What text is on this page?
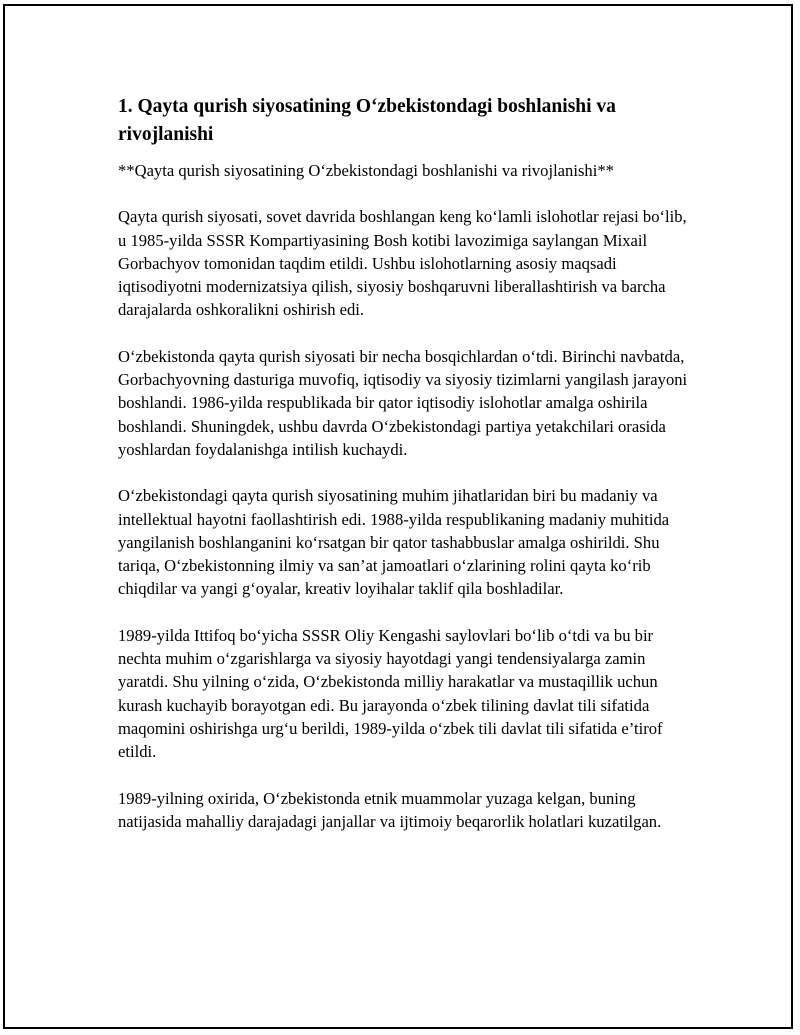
1. Qayta qurish siyosatining O‘zbekistondagi boshlanishi va rivojlanishi

**Qayta qurish siyosatining O‘zbekistondagi boshlanishi va rivojlanishi**

Qayta qurish siyosati, sovet davrida boshlangan keng ko‘lamli islohotlar rejasi bo‘lib, u 1985-yilda SSSR Kompartiyasining Bosh kotibi lavozimiga saylangan Mixail Gorbachyov tomonidan taqdim etildi. Ushbu islohotlarning asosiy maqsadi iqtisodiyotni modernizatsiya qilish, siyosiy boshqaruvni liberallashtirish va barcha darajalarda oshkoralikni oshirish edi.

O‘zbekistonda qayta qurish siyosati bir necha bosqichlardan o‘tdi. Birinchi navbatda, Gorbachyovning dasturiga muvofiq, iqtisodiy va siyosiy tizimlarni yangilash jarayoni boshlandi. 1986-yilda respublikada bir qator iqtisodiy islohotlar amalga oshirila boshlandi. Shuningdek, ushbu davrda O‘zbekistondagi partiya yetakchilari orasida yoshlardan foydalanishga intilish kuchaydi.

O‘zbekistondagi qayta qurish siyosatining muhim jihatlaridan biri bu madaniy va intellektual hayotni faollashtirish edi. 1988-yilda respublikaning madaniy muhitida yangilanish boshlanganini ko‘rsatgan bir qator tashabbuslar amalga oshirildi. Shu tariqa, O‘zbekistonning ilmiy va san’at jamoatlari o‘zlarining rolini qayta ko‘rib chiqdilar va yangi g‘oyalar, kreativ loyihalar taklif qila boshladilar.

1989-yilda Ittifoq bo‘yicha SSSR Oliy Kengashi saylovlari bo‘lib o‘tdi va bu bir nechta muhim o‘zgarishlarga va siyosiy hayotdagi yangi tendensiyalarga zamin yaratdi. Shu yilning o‘zida, O‘zbekistonda milliy harakatlar va mustaqillik uchun kurash kuchayib borayotgan edi. Bu jarayonda o‘zbek tilining davlat tili sifatida maqomini oshirishga urg‘u berildi, 1989-yilda o‘zbek tili davlat tili sifatida e’tirof etildi.

1989-yilning oxirida, O‘zbekistonda etnik muammolar yuzaga kelgan, buning natijasida mahalliy darajadagi janjallar va ijtimoiy beqarorlik holatlari kuzatilgan.
